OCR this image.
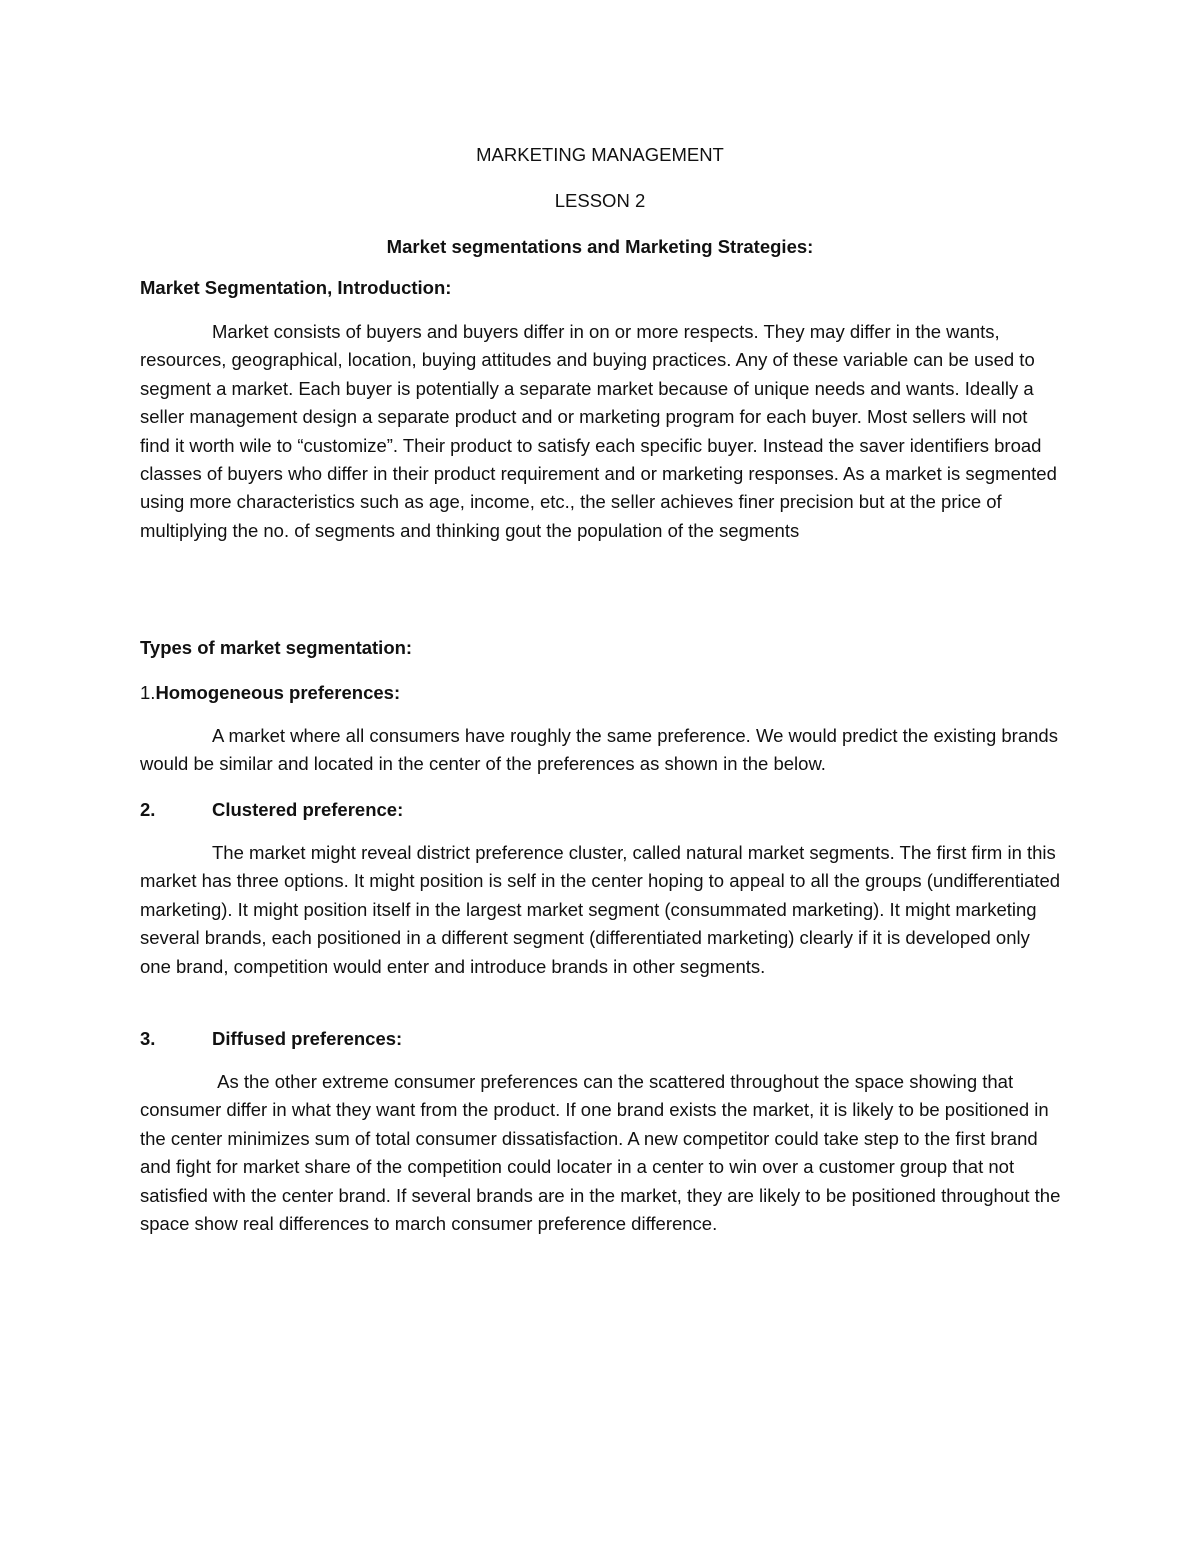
MARKETING MANAGEMENT
LESSON 2
Market segmentations and Marketing Strategies:
Market Segmentation, Introduction:

Market consists of buyers and buyers differ in on or more respects. They may differ in the wants, resources, geographical, location, buying attitudes and buying practices. Any of these variable can be used to segment a market. Each buyer is potentially a separate market because of unique needs and wants. Ideally a seller management design a separate product and or marketing program for each buyer. Most sellers will not find it worth wile to “customize”. Their product to satisfy each specific buyer. Instead the saver identifiers broad classes of buyers who differ in their product requirement and or marketing responses. As a market is segmented using more characteristics such as age, income, etc., the seller achieves finer precision but at the price of multiplying the no. of segments and thinking gout the population of the segments

Types of market segmentation:
1.Homogeneous preferences:

A market where all consumers have roughly the same preference. We would predict the existing brands would be similar and located in the center of the preferences as shown in the below.

2.	Clustered preference:

The market might reveal district preference cluster, called natural market segments. The first firm in this market has three options. It might position is self in the center hoping to appeal to all the groups (undifferentiated marketing). It might position itself in the largest market segment (consummated marketing). It might marketing several brands, each positioned in a different segment (differentiated marketing) clearly if it is developed only one brand, competition would enter and introduce brands in other segments.

3.	Diffused preferences:

As the other extreme consumer preferences can the scattered throughout the space showing that consumer differ in what they want from the product. If one brand exists the market, it is likely to be positioned in the center minimizes sum of total consumer dissatisfaction. A new competitor could take step to the first brand and fight for market share of the competition could locater in a center to win over a customer group that not satisfied with the center brand. If several brands are in the market, they are likely to be positioned throughout the space show real differences to march consumer preference difference.
